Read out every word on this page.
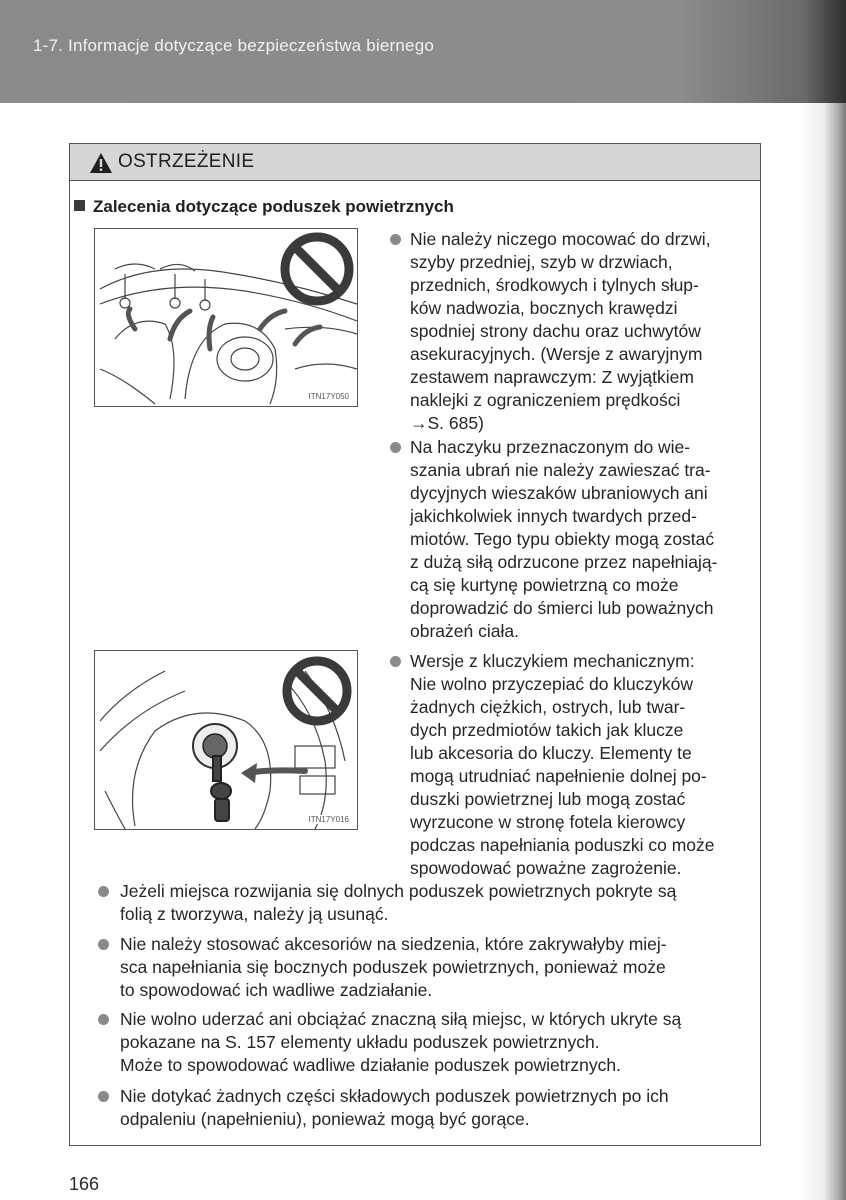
1-7. Informacje dotyczące bezpieczeństwa biernego
OSTRZEŻENIE
Zalecenia dotyczące poduszek powietrznych
ITN17Y050
ITN17Y016
Nie należy niczego mocować do drzwi,
szyby przedniej, szyb w drzwiach,
przednich, środkowych i tylnych słup-
ków nadwozia, bocznych krawędzi
spodniej strony dachu oraz uchwytów
asekuracyjnych. (Wersje z awaryjnym
zestawem naprawczym: Z wyjątkiem
naklejki z ograniczeniem prędkości
→S. 685)
Na haczyku przeznaczonym do wie-
szania ubrań nie należy zawieszać tra-
dycyjnych wieszaków ubraniowych ani
jakichkolwiek innych twardych przed-
miotów. Tego typu obiekty mogą zostać
z dużą siłą odrzucone przez napełniają-
cą się kurtynę powietrzną co może
doprowadzić do śmierci lub poważnych
obrażeń ciała.
Wersje z kluczykiem mechanicznym:
Nie wolno przyczepiać do kluczyków
żadnych ciężkich, ostrych, lub twar-
dych przedmiotów takich jak klucze
lub akcesoria do kluczy. Elementy te
mogą utrudniać napełnienie dolnej po-
duszki powietrznej lub mogą zostać
wyrzucone w stronę fotela kierowcy
podczas napełniania poduszki co może
spowodować poważne zagrożenie.
Jeżeli miejsca rozwijania się dolnych poduszek powietrznych pokryte są
folią z tworzywa, należy ją usunąć.
Nie należy stosować akcesoriów na siedzenia, które zakrywałyby miej-
sca napełniania się bocznych poduszek powietrznych, ponieważ może
to spowodować ich wadliwe zadziałanie.
Nie wolno uderzać ani obciążać znaczną siłą miejsc, w których ukryte są
pokazane na S. 157 elementy układu poduszek powietrznych.
Może to spowodować wadliwe działanie poduszek powietrznych.
Nie dotykać żadnych części składowych poduszek powietrznych po ich
odpaleniu (napełnieniu), ponieważ mogą być gorące.
166
